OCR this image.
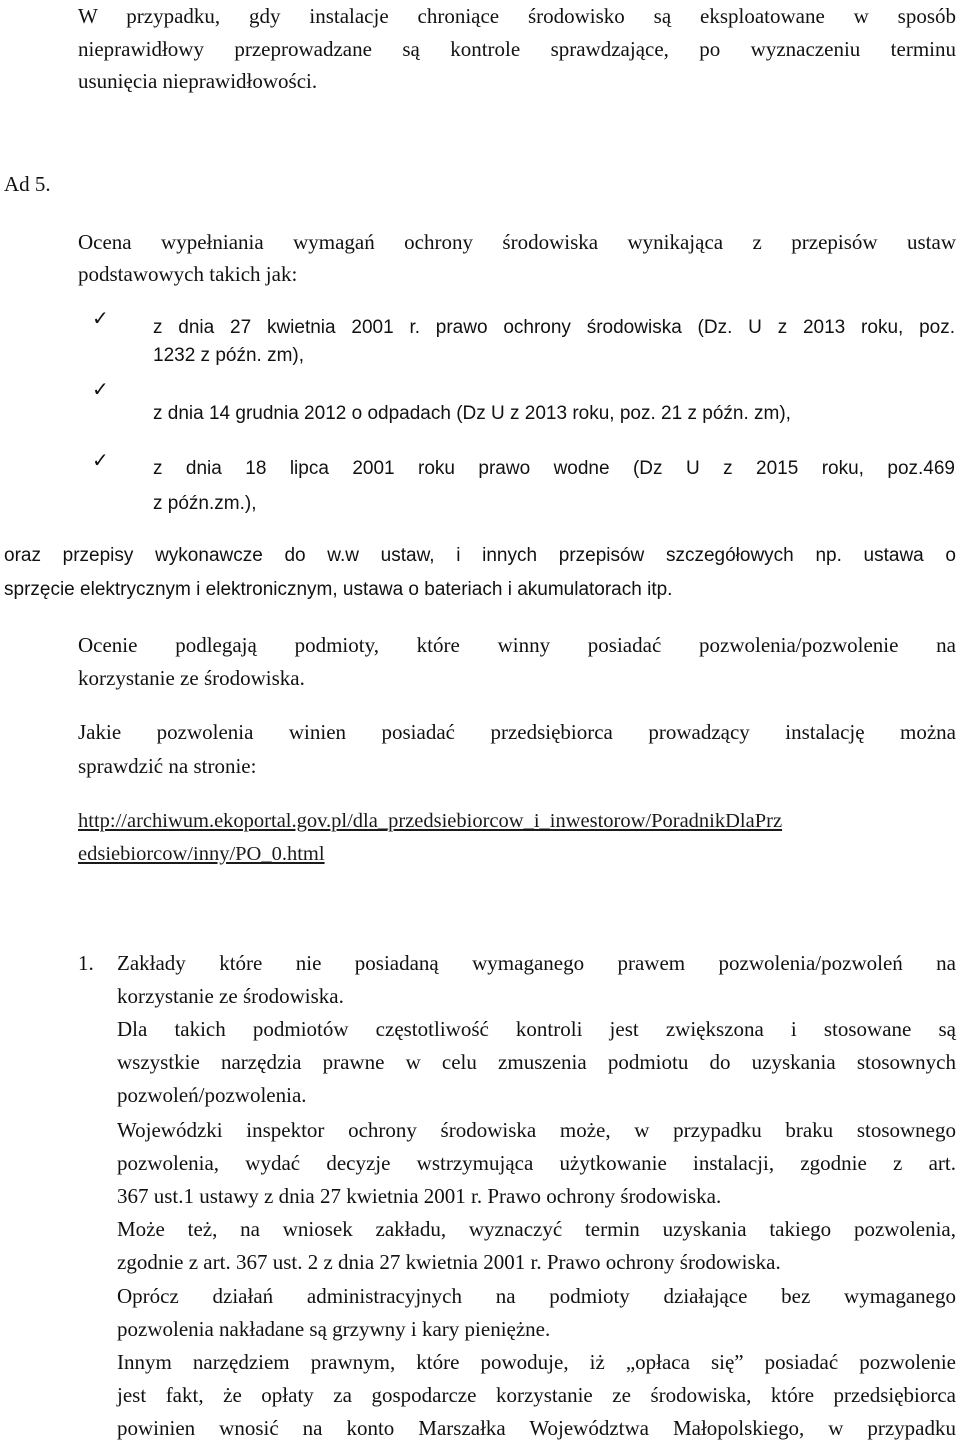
W przypadku, gdy instalacje chroniące środowisko są eksploatowane w sposób
nieprawidłowy przeprowadzane są kontrole sprawdzające, po wyznaczeniu terminu
usunięcia nieprawidłowości.
Ad 5.
Ocena wypełniania wymagań ochrony środowiska wynikająca z przepisów ustaw
podstawowych takich jak:
✓ z dnia 27 kwietnia 2001 r. prawo ochrony środowiska (Dz. U z 2013 roku, poz.
1232 z późn. zm),
✓
z dnia 14 grudnia 2012 o odpadach (Dz U z 2013 roku, poz. 21 z późn. zm),
✓ z dnia 18 lipca 2001 roku prawo wodne (Dz U z 2015 roku, poz.469
z późn.zm.),
oraz przepisy wykonawcze do w.w ustaw, i innych przepisów szczegółowych np. ustawa o
sprzęcie elektrycznym i elektronicznym, ustawa o bateriach i akumulatorach itp.
Ocenie podlegają podmioty, które winny posiadać pozwolenia/pozwolenie na
korzystanie ze środowiska.
Jakie pozwolenia winien posiadać przedsiębiorca prowadzący instalację można
sprawdzić na stronie:
http://archiwum.ekoportal.gov.pl/dla_przedsiebiorcow_i_inwestorow/PoradnikDlaPrz
edsiebiorcow/inny/PO_0.html
1. Zakłady które nie posiadaną wymaganego prawem pozwolenia/pozwoleń na
korzystanie ze środowiska.
Dla takich podmiotów częstotliwość kontroli jest zwiększona i stosowane są
wszystkie narzędzia prawne w celu zmuszenia podmiotu do uzyskania stosownych
pozwoleń/pozwolenia.
Wojewódzki inspektor ochrony środowiska może, w przypadku braku stosownego
pozwolenia, wydać decyzje wstrzymująca użytkowanie instalacji, zgodnie z art.
367 ust.1 ustawy z dnia 27 kwietnia 2001 r. Prawo ochrony środowiska.
Może też, na wniosek zakładu, wyznaczyć termin uzyskania takiego pozwolenia,
zgodnie z art. 367 ust. 2 z dnia 27 kwietnia 2001 r. Prawo ochrony środowiska.
Oprócz działań administracyjnych na podmioty działające bez wymaganego
pozwolenia nakładane są grzywny i kary pieniężne.
Innym narzędziem prawnym, które powoduje, iż „opłaca się” posiadać pozwolenie
jest fakt, że opłaty za gospodarcze korzystanie ze środowiska, które przedsiębiorca
powinien wnosić na konto Marszałka Województwa Małopolskiego, w przypadku
